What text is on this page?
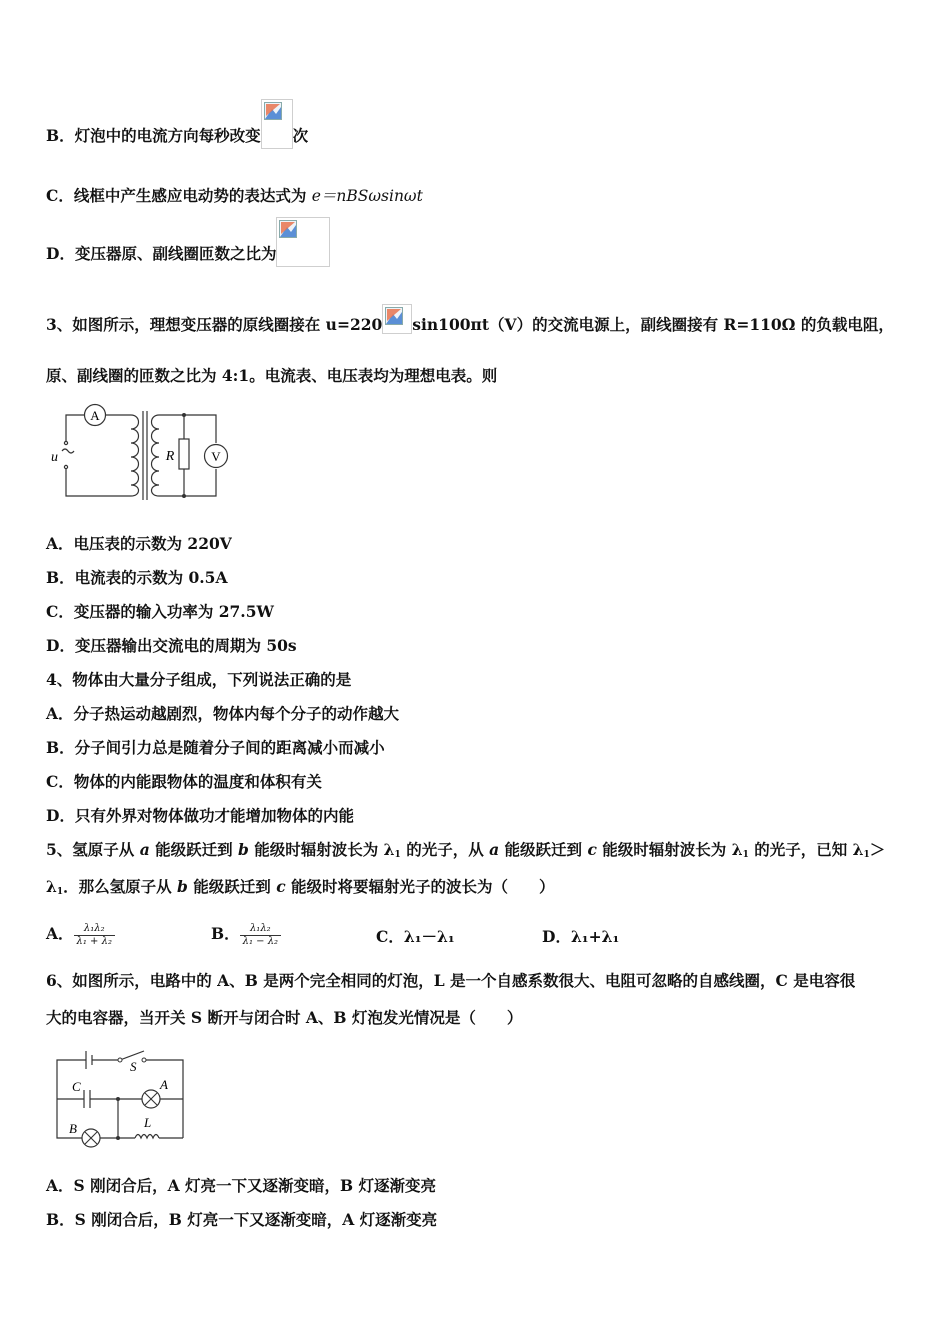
B．灯泡中的电流方向每秒改变 次
C．线框中产生感应电动势的表达式为 e＝nBSωsinωt
D．变压器原、副线圈匝数之比为
3、如图所示，理想变压器的原线圈接在 u=220 sin100πt（V）的交流电源上，副线圈接有 R=110Ω 的负载电阻，
原、副线圈的匝数之比为 4:1。电流表、电压表均为理想电表。则
A
V
R
u
A．电压表的示数为 220V
B．电流表的示数为 0.5A
C．变压器的输入功率为 27.5W
D．变压器输出交流电的周期为 50s
4、物体由大量分子组成，下列说法正确的是
A．分子热运动越剧烈，物体内每个分子的动作越大
B．分子间引力总是随着分子间的距离减小而减小
C．物体的内能跟物体的温度和体积有关
D．只有外界对物体做功才能增加物体的内能
5、氢原子从 a 能级跃迁到 b 能级时辐射波长为 $\lambda_1$ 的光子，从 a 能级跃迁到 c 能级时辐射波长为 $\lambda_1$ 的光子，已知 $\lambda_1>$
$\lambda_1$．那么氢原子从 b 能级跃迁到 c 能级时将要辐射光子的波长为（　　）
A． $\frac{\text{λ₁λ₂}}{\text{λ₁ + λ₂}}$	B． $\frac{\text{λ₁λ₂}}{\text{λ₁ − λ₂}}$	C．λ₁－λ₁	D．λ₁+λ₁
6、如图所示，电路中的 A、B 是两个完全相同的灯泡，L 是一个自感系数很大、电阻可忽略的自感线圈，C 是电容很
大的电容器，当开关 S 断开与闭合时 A、B 灯泡发光情况是（　　）
S
C	A
B	L
A．S 刚闭合后，A 灯亮一下又逐渐变暗，B 灯逐渐变亮
B．S 刚闭合后，B 灯亮一下又逐渐变暗，A 灯逐渐变亮
